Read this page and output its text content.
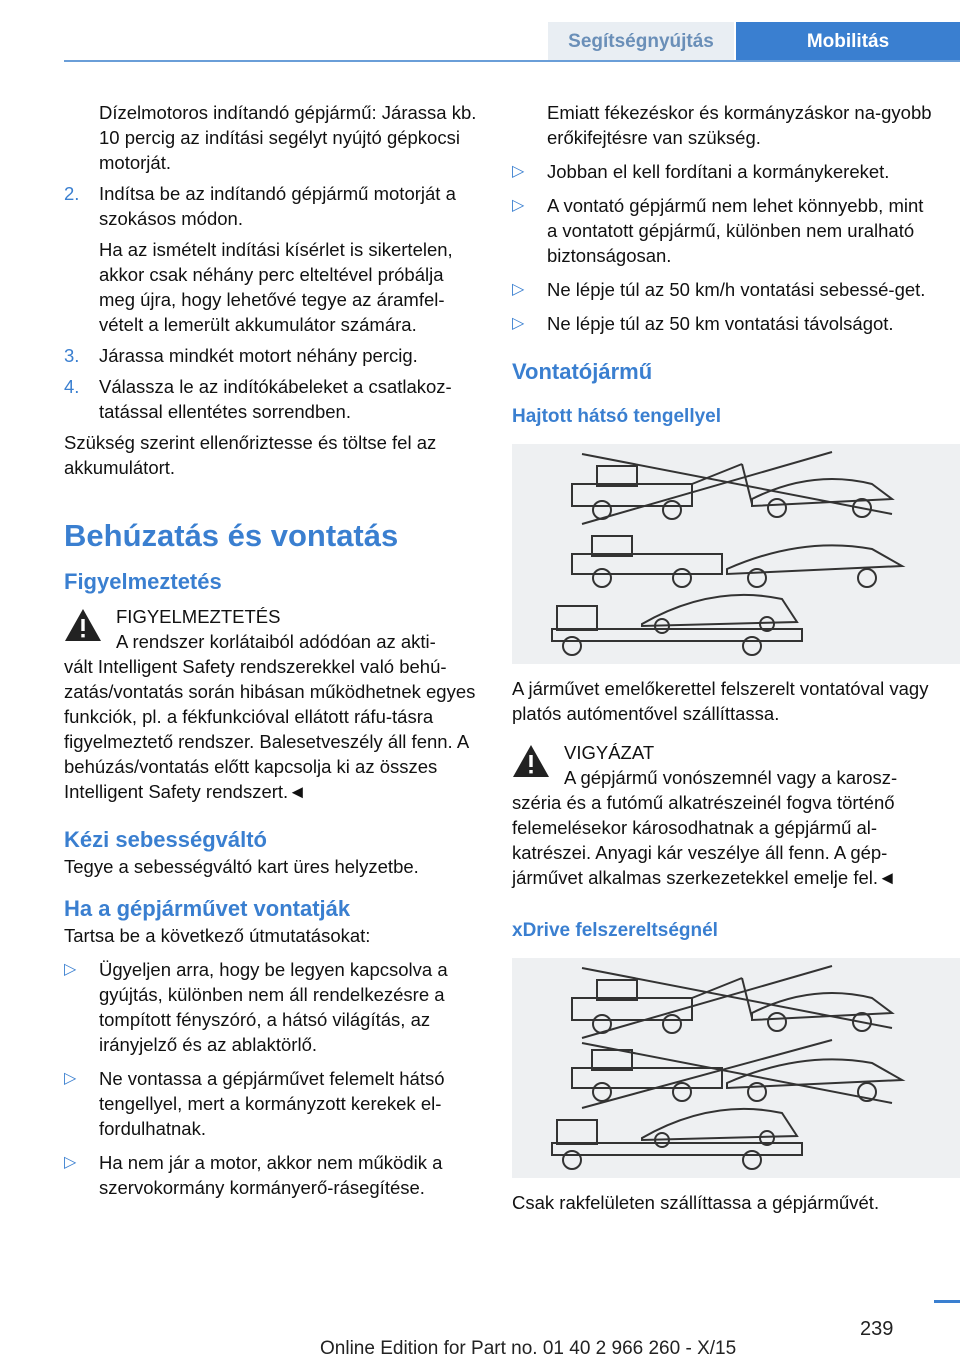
Segítségnyújtás	Mobilitás

Dízelmotoros indítandó gépjármű: Járassa kb. 10 percig az indítási segélyt nyújtó gépkocsi motorját.

2. Indítsa be az indítandó gépjármű motorját a szokásos módon.

Ha az ismételt indítási kísérlet is sikertelen, akkor csak néhány perc elteltével próbálja meg újra, hogy lehetővé tegye az áramfel-vételt a lemerült akkumulátor számára.

3. Járassa mindkét motort néhány percig.

4. Válassza le az indítókábeleket a csatlakoz-tatással ellentétes sorrendben.

Szükség szerint ellenőriztesse és töltse fel az akkumulátort.

Behúzatás és vontatás
Figyelmeztetés

FIGYELMEZTETÉS

A rendszer korlátaiból adódóan az akti-

vált Intelligent Safety rendszerekkel való behú-zatás/vontatás során hibásan működhetnek egyes funkciók, pl. a fékfunkcióval ellátott ráfu-tásra figyelmeztető rendszer. Balesetveszély áll fenn. A behúzás/vontatás előtt kapcsolja ki az összes Intelligent Safety rendszert.◄

Kézi sebességváltó

Tegye a sebességváltó kart üres helyzetbe.

Ha a gépjárművet vontatják

Tartsa be a következő útmutatásokat:

▷ Ügyeljen arra, hogy be legyen kapcsolva a gyújtás, különben nem áll rendelkezésre a tompított fényszóró, a hátsó világítás, az irányjelző és az ablaktörlő.

▷ Ne vontassa a gépjárművet felemelt hátsó tengellyel, mert a kormányzott kerekek el-fordulhatnak.

▷ Ha nem jár a motor, akkor nem működik a szervokormány kormányerő-rásegítése.

Emiatt fékezéskor és kormányzáskor na-gyobb erőkifejtésre van szükség.

▷ Jobban el kell fordítani a kormánykereket.

▷ A vontató gépjármű nem lehet könnyebb, mint a vontatott gépjármű, különben nem uralható biztonságosan.

▷ Ne lépje túl az 50 km/h vontatási sebessé-get.

▷ Ne lépje túl az 50 km vontatási távolságot.

Vontatójármű
Hajtott hátsó tengellyel

A járművet emelőkerettel felszerelt vontatóval vagy platós autómentővel szállíttassa.

VIGYÁZAT

A gépjármű vonószemnél vagy a karosz-

széria és a futómű alkatrészeinél fogva történő felemelésekor károsodhatnak a gépjármű al-katrészei. Anyagi kár veszélye áll fenn. A gép-járművet alkalmas szerkezetekkel emelje fel.◄

xDrive felszereltségnél

Csak rakfelületen szállíttassa a gépjárművét.

239
Online Edition for Part no. 01 40 2 966 260 - X/15
